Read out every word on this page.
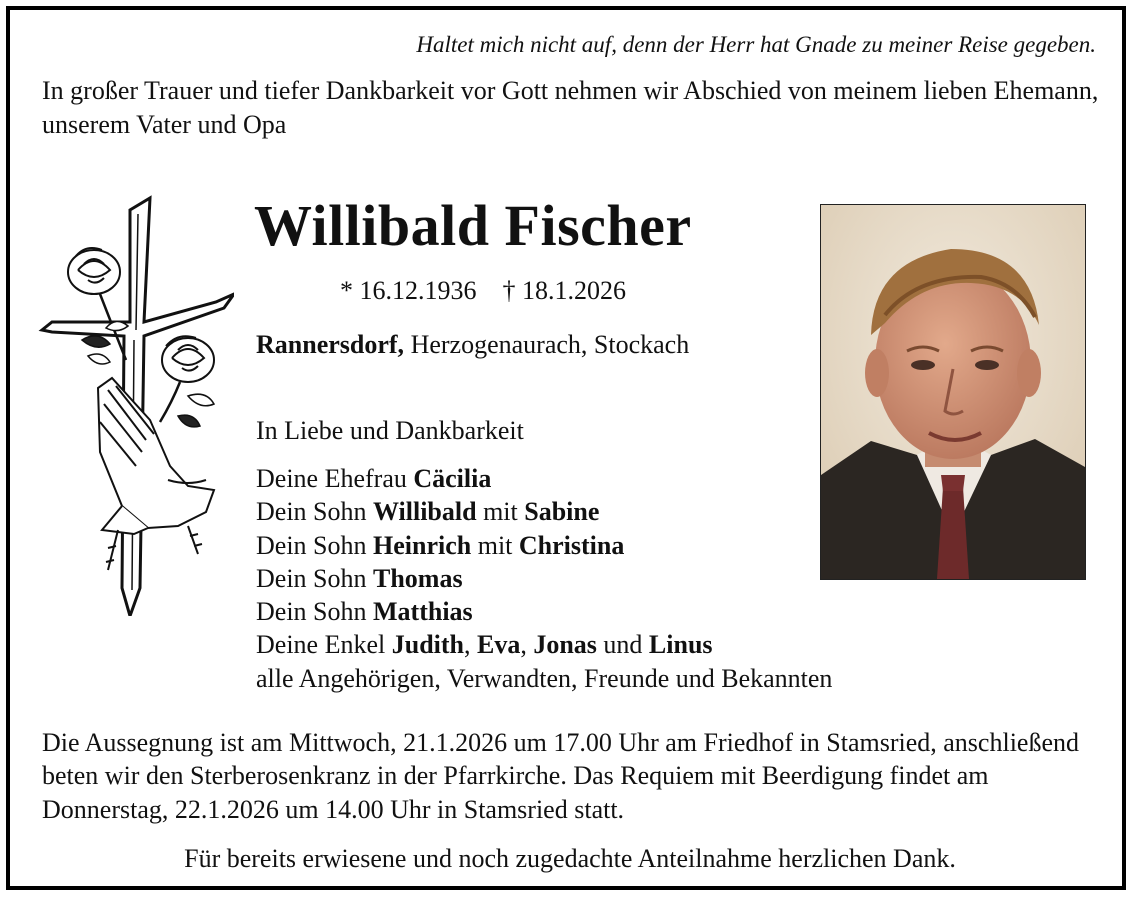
Haltet mich nicht auf, denn der Herr hat Gnade zu meiner Reise gegeben.
In großer Trauer und tiefer Dankbarkeit vor Gott nehmen wir Abschied von meinem lieben Ehemann, unserem Vater und Opa
Willibald Fischer
* 16.12.1936 † 18.1.2026
Rannersdorf, Herzogenaurach, Stockach
In Liebe und Dankbarkeit
Deine Ehefrau Cäcilia
Dein Sohn Willibald mit Sabine
Dein Sohn Heinrich mit Christina
Dein Sohn Thomas
Dein Sohn Matthias
Deine Enkel Judith, Eva, Jonas und Linus
alle Angehörigen, Verwandten, Freunde und Bekannten
Die Aussegnung ist am Mittwoch, 21.1.2026 um 17.00 Uhr am Friedhof in Stamsried, anschließend beten wir den Sterberosenkranz in der Pfarrkirche. Das Requiem mit Beerdigung findet am Donnerstag, 22.1.2026 um 14.00 Uhr in Stamsried statt.
Für bereits erwiesene und noch zugedachte Anteilnahme herzlichen Dank.
